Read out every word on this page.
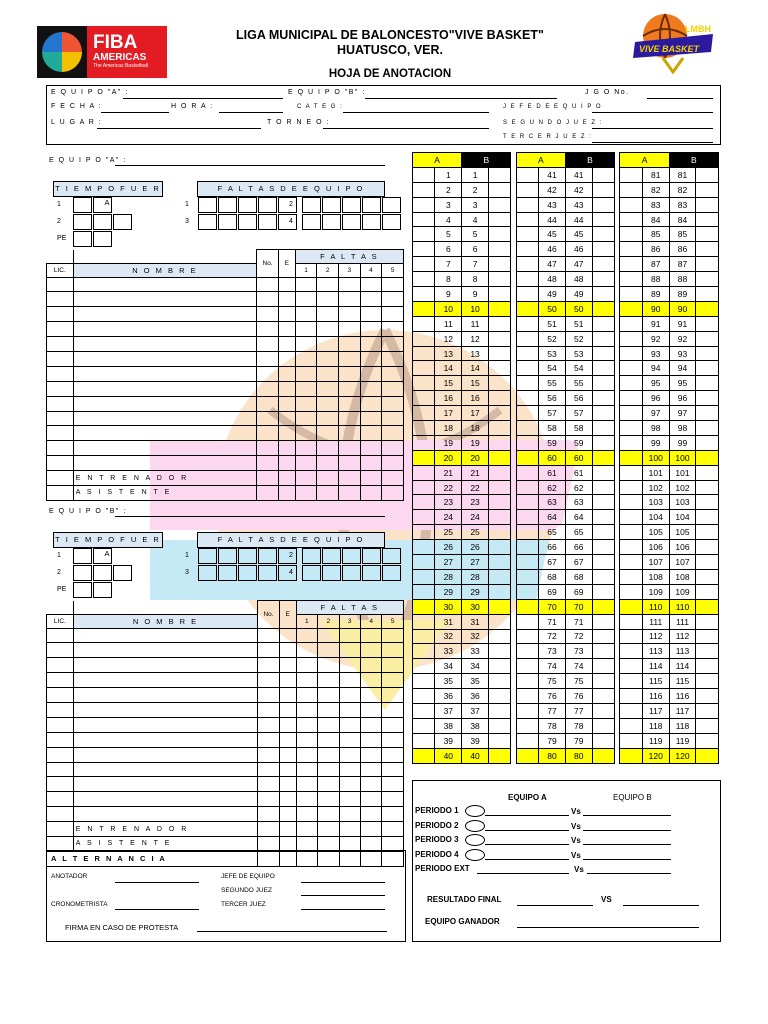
FIBA
AMERICAS
The Americas Basketball
LMBH
VIVE BASKET
LIGA MUNICIPAL DE BALONCESTO"VIVE BASKET"
HUATUSCO, VER.
HOJA DE ANOTACION
E Q U I P O "A" :	E Q U I P O "B" :	J G O No.
F E C H A :	H O R A :	C A T E G :	J E F E D E E Q U I P O
L U G A R :	T O R N E O :	S E G U N D O J U E Z :
T E R C E R J U E Z :
E Q U I P O "A" :
T I E M P O F U E R A
F A L T A S D E E Q U I P O
1
2
PE
1	2
3	4
		No.	E	F A L T A S				
LIC.	N O M B R E			1	2	3	4	5

	E N T R E N A D O R							
	A S I S T E N T E							
E Q U I P O "B" :
T I E M P O F U E R A
F A L T A S D E E Q U I P O
1
2
PE
1	2
3	4
		No.	E	F A L T A S				
LIC.	N O M B R E			1	2	3	4	5

	E N T R E N A D O R							
	A S I S T E N T E							
A L T E R N A N C I A								
A		B			A		B			A		B	
	1	1				41	41				81	81	
	2	2				42	42				82	82	
	3	3				43	43				83	83	
	4	4				44	44				84	84	
	5	5				45	45				85	85	
	6	6				46	46				86	86	
	7	7				47	47				87	87	
	8	8				48	48				88	88	
	9	9				49	49				89	89	
	10	10				50	50				90	90	
	11	11				51	51				91	91	
	12	12				52	52				92	92	
	13	13				53	53				93	93	
	14	14				54	54				94	94	
	15	15				55	55				95	95	
	16	16				56	56				96	96	
	17	17				57	57				97	97	
	18	18				58	58				98	98	
	19	19				59	59				99	99	
	20	20				60	60				100	100	
	21	21				61	61				101	101	
	22	22				62	62				102	102	
	23	23				63	63				103	103	
	24	24				64	64				104	104	
	25	25				65	65				105	105	
	26	26				66	66				106	106	
	27	27				67	67				107	107	
	28	28				68	68				108	108	
	29	29				69	69				109	109	
	30	30				70	70				110	110	
	31	31				71	71				111	111	
	32	32				72	72				112	112	
	33	33				73	73				113	113	
	34	34				74	74				114	114	
	35	35				75	75				115	115	
	36	36				76	76				116	116	
	37	37				77	77				117	117	
	38	38				78	78				118	118	
	39	39				79	79				119	119	
	40	40				80	80				120	120	
EQUIPO A	EQUIPO B
PERIODO 1	Vs
PERIODO 2	Vs
PERIODO 3	Vs
PERIODO 4	Vs
PERIODO EXT	Vs
RESULTADO FINAL	VS
EQUIPO GANADOR
ANOTADOR
CRONOMETRISTA
JEFE DE EQUIPO
SEGUNDO JUEZ
TERCER JUEZ
FIRMA EN CASO DE PROTESTA
